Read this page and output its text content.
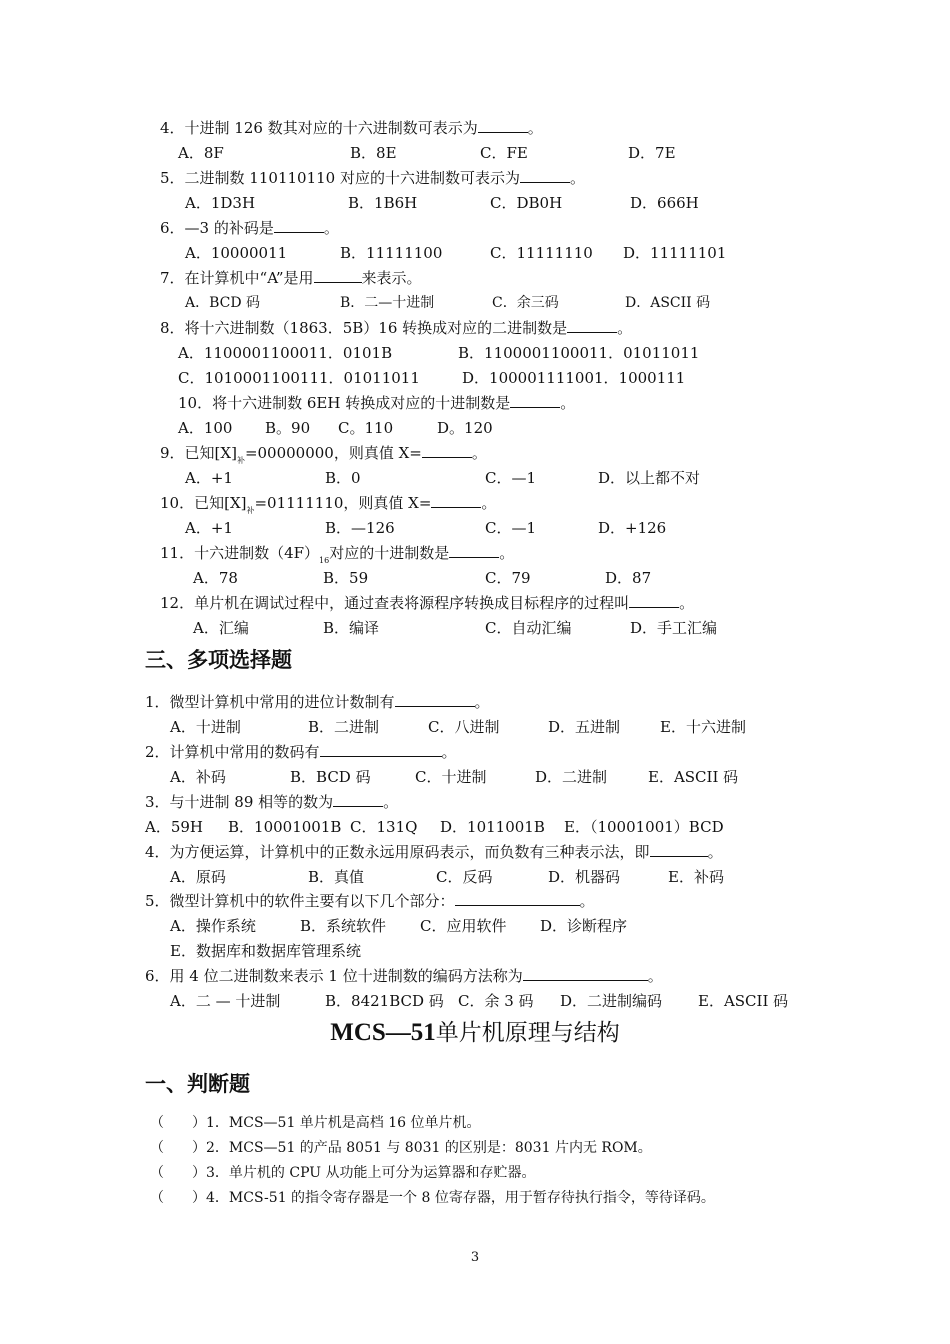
4．十进制 126 数其对应的十六进制数可表示为	。
A．8F	B．8E	C．FE	D．7E
5．二进制数 110110110 对应的十六进制数可表示为	。
A．1D3H	B．1B6H	C．DB0H	D．666H
6．—3 的补码是	。
A．10000011	B．11111100	C．11111110 D．11111101
7．在计算机中“A”是用	来表示。
A．BCD 码	B．二—十进制	C．余三码	D．ASCII 码
8．将十六进制数（1863．5B）16 转换成对应的二进制数是	。
A．1100001100011．0101B	B．1100001100011．01011011
C．1010001100111．01011011	D．100001111001．1000111
10．将十六进制数 6EH 转换成对应的十进制数是	。
A．100 B。90 C。110	D。120
9．已知$[X]_补=00000000$，则真值 X=	。
A．+1	B．0	C．—1	D．以上都不对
10．已知$[X]_补=01111110$，则真值 X=	。
A．+1	B．—126	C．—1	D．+126
11．十六进制数$(4F)_{16}$对应的十进制数是	。
A．78	B．59	C．79	D．87
12．单片机在调试过程中，通过查表将源程序转换成目标程序的过程叫	。
A．汇编	B．编译	C．自动汇编	D．手工汇编
三、多项选择题
1．微型计算机中常用的进位计数制有	。
A．十进制	B．二进制	C．八进制	D．五进制	E．十六进制
2．计算机中常用的数码有	。
A．补码	B．BCD 码	C．十进制	D．二进制	E．ASCII 码
3．与十进制 89 相等的数为	。
A．59H B．10001001B C．131Q D．1011001B E．（10001001）BCD
4．为方便运算，计算机中的正数永远用原码表示，而负数有三种表示法，即	。
A．原码	B．真值	C．反码	D．机器码	E．补码
5．微型计算机中的软件主要有以下几个部分：	。
A．操作系统	B．系统软件 C．应用软件 D．诊断程序
E．数据库和数据库管理系统
6．用 4 位二进制数来表示 1 位十进制数的编码方法称为	。
A．二 — 十进制	B．8421BCD 码 C．余 3 码 D．二进制编码 E．ASCII 码
MCS—51单片机原理与结构
一、判断题
（　　）1．MCS—51 单片机是高档 16 位单片机。
（　　）2．MCS—51 的产品 8051 与 8031 的区别是：8031 片内无 ROM。
（　　）3．单片机的 CPU 从功能上可分为运算器和存贮器。
（　　）4．MCS-51 的指令寄存器是一个 8 位寄存器，用于暂存待执行指令，等待译码。
3
